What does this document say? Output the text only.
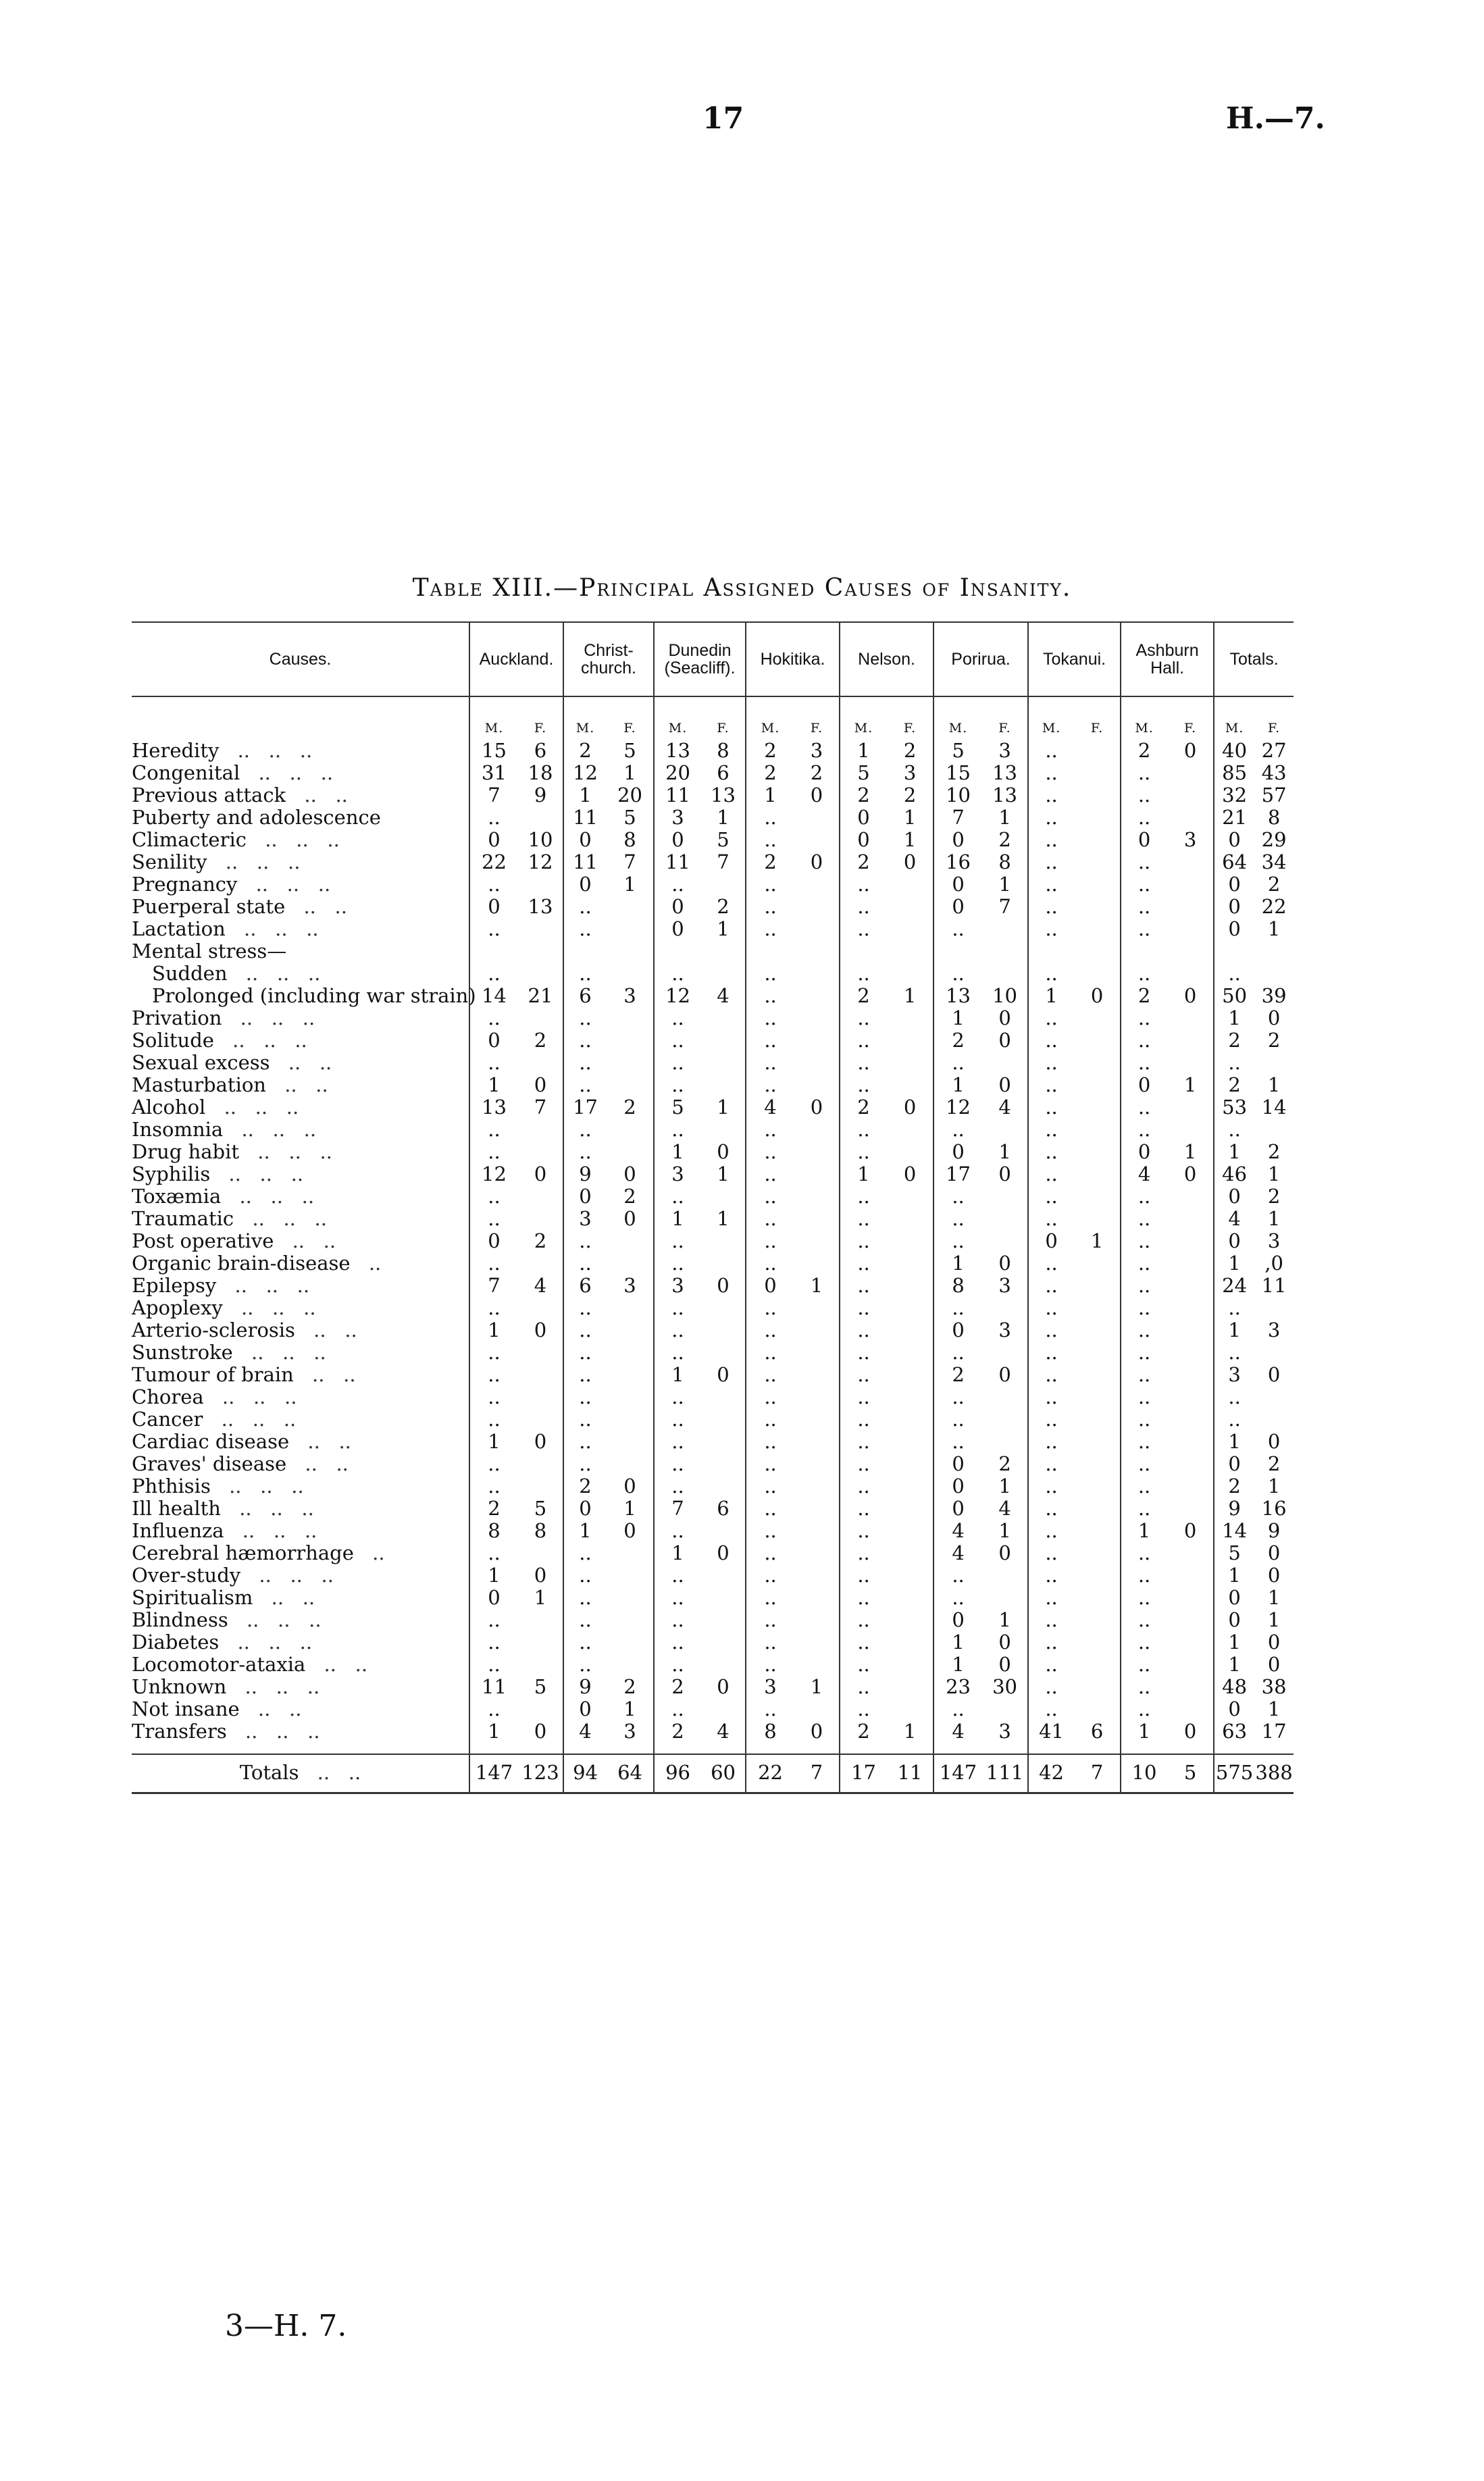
17	H.—7.
Table XIII.—Principal Assigned Causes of Insanity.
Causes.	Auckland.		Christ-church.		Dunedin (Seacliff).		Hokitika.		Nelson.		Porirua.		Tokanui.		Ashburn Hall.		Totals.	
	M.	F.	M.	F.	M.	F.	M.	F.	M.	F.	M.	F.	M.	F.	M.	F.	M.	F.
Heredity ..   ..   ..	15	6	2	5	13	8	2	3	1	2	5	3	..		2	0	40	27
Congenital ..   ..   ..	31	18	12	1	20	6	2	2	5	3	15	13	..		..		85	43
Previous attack ..   ..	7	9	1	20	11	13	1	0	2	2	10	13	..		..		32	57
Puberty and adolescence	..		11	5	3	1	..		0	1	7	1	..		..		21	8
Climacteric ..   ..   ..	0	10	0	8	0	5	..		0	1	0	2	..		0	3	0	29
Senility ..   ..   ..	22	12	11	7	11	7	2	0	2	0	16	8	..		..		64	34
Pregnancy ..   ..   ..	..		0	1	..		..		..		0	1	..		..		0	2
Puerperal state ..   ..	0	13	..		0	2	..		..		0	7	..		..		0	22
Lactation ..   ..   ..	..		..		0	1	..		..		..		..		..		0	1
Mental stress—																		
Sudden ..   ..   ..	..		..		..		..		..		..		..		..		..	
Prolonged (including war strain)	14	21	6	3	12	4	..		2	1	13	10	1	0	2	0	50	39
Privation ..   ..   ..	..		..		..		..		..		1	0	..		..		1	0
Solitude ..   ..   ..	0	2	..		..		..		..		2	0	..		..		2	2
Sexual excess ..   ..	..		..		..		..		..		..		..		..		..	
Masturbation ..   ..	1	0	..		..		..		..		1	0	..		0	1	2	1
Alcohol ..   ..   ..	13	7	17	2	5	1	4	0	2	0	12	4	..		..		53	14
Insomnia ..   ..   ..	..		..		..		..		..		..		..		..		..	
Drug habit ..   ..   ..	..		..		1	0	..		..		0	1	..		0	1	1	2
Syphilis ..   ..   ..	12	0	9	0	3	1	..		1	0	17	0	..		4	0	46	1
Toxæmia ..   ..   ..	..		0	2	..		..		..		..		..		..		0	2
Traumatic ..   ..   ..	..		3	0	1	1	..		..		..		..		..		4	1
Post operative ..   ..	0	2	..		..		..		..		..		0	1	..		0	3
Organic brain-disease ..	..		..		..		..		..		1	0	..		..		1	,0
Epilepsy ..   ..   ..	7	4	6	3	3	0	0	1	..		8	3	..		..		24	11
Apoplexy ..   ..   ..	..		..		..		..		..		..		..		..		..	
Arterio-sclerosis ..   ..	1	0	..		..		..		..		0	3	..		..		1	3
Sunstroke ..   ..   ..	..		..		..		..		..		..		..		..		..	
Tumour of brain ..   ..	..		..		1	0	..		..		2	0	..		..		3	0
Chorea ..   ..   ..	..		..		..		..		..		..		..		..		..	
Cancer ..   ..   ..	..		..		..		..		..		..		..		..		..	
Cardiac disease ..   ..	1	0	..		..		..		..		..		..		..		1	0
Graves' disease ..   ..	..		..		..		..		..		0	2	..		..		0	2
Phthisis ..   ..   ..	..		2	0	..		..		..		0	1	..		..		2	1
Ill health ..   ..   ..	2	5	0	1	7	6	..		..		0	4	..		..		9	16
Influenza ..   ..   ..	8	8	1	0	..		..		..		4	1	..		1	0	14	9
Cerebral hæmorrhage ..	..		..		1	0	..		..		4	0	..		..		5	0
Over-study ..   ..   ..	1	0	..		..		..		..		..		..		..		1	0
Spiritualism ..   ..	0	1	..		..		..		..		..		..		..		0	1
Blindness ..   ..   ..	..		..		..		..		..		0	1	..		..		0	1
Diabetes ..   ..   ..	..		..		..		..		..		1	0	..		..		1	0
Locomotor-ataxia ..   ..	..		..		..		..		..		1	0	..		..		1	0
Unknown ..   ..   ..	11	5	9	2	2	0	3	1	..		23	30	..		..		48	38
Not insane ..   ..	..		0	1	..		..		..		..		..		..		0	1
Transfers ..   ..   ..	1	0	4	3	2	4	8	0	2	1	4	3	41	6	1	0	63	17

Totals ..   ..	147	123	94	64	96	60	22	7	17	11	147	111	42	7	10	5	575	388
3—H. 7.
